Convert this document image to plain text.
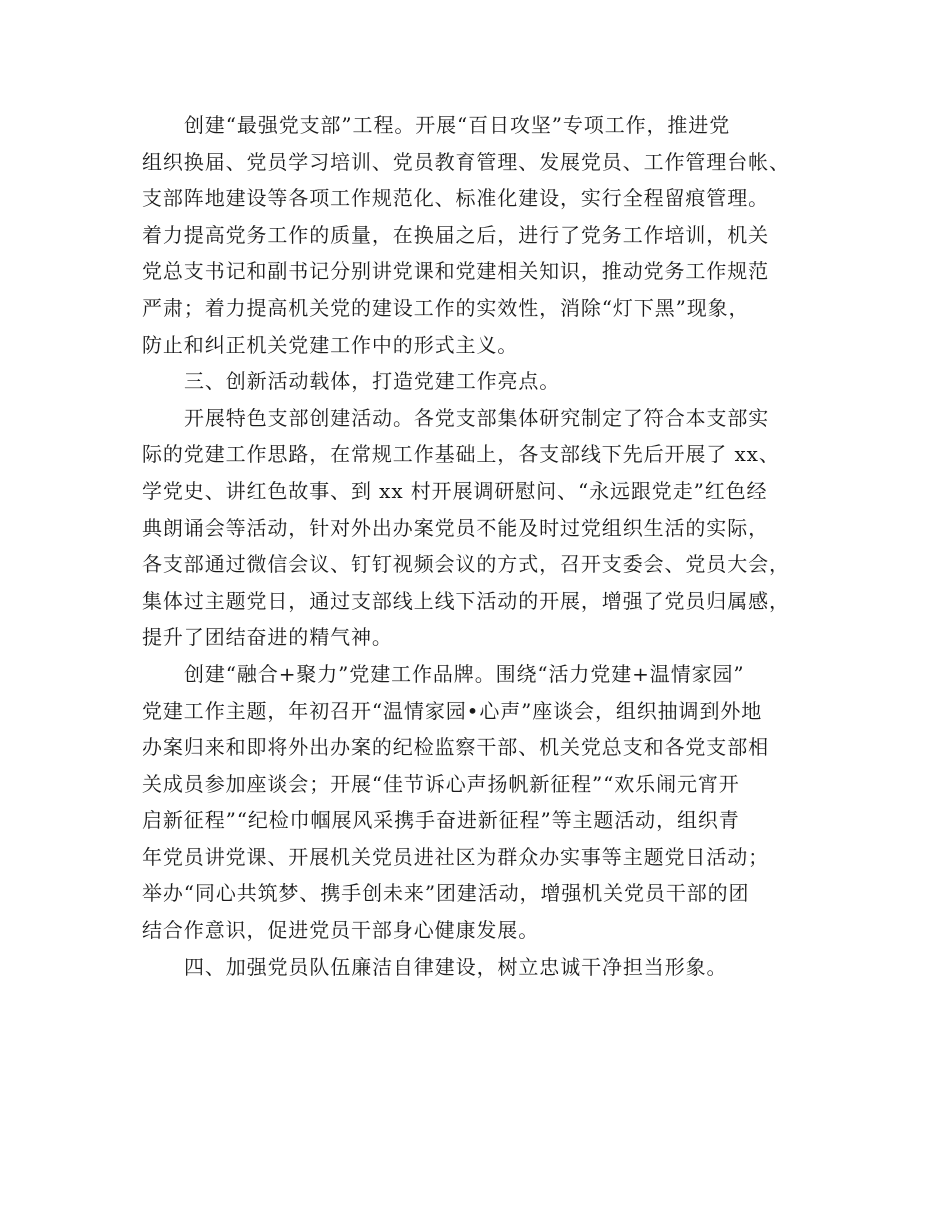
创建“最强党支部”工程。开展“百日攻坚”专项工作，推进党
组织换届、党员学习培训、党员教育管理、发展党员、工作管理台帐、
支部阵地建设等各项工作规范化、标准化建设，实行全程留痕管理。
着力提高党务工作的质量，在换届之后，进行了党务工作培训，机关
党总支书记和副书记分别讲党课和党建相关知识，推动党务工作规范
严肃；着力提高机关党的建设工作的实效性，消除“灯下黑”现象，
防止和纠正机关党建工作中的形式主义。
三、创新活动载体，打造党建工作亮点。
开展特色支部创建活动。各党支部集体研究制定了符合本支部实
际的党建工作思路，在常规工作基础上，各支部线下先后开展了 xx、
学党史、讲红色故事、到 xx 村开展调研慰问、“永远跟党走”红色经
典朗诵会等活动，针对外出办案党员不能及时过党组织生活的实际，
各支部通过微信会议、钉钉视频会议的方式，召开支委会、党员大会，
集体过主题党日，通过支部线上线下活动的开展，增强了党员归属感，
提升了团结奋进的精气神。
创建“融合+聚力”党建工作品牌。围绕“活力党建+温情家园”
党建工作主题，年初召开“温情家园•心声”座谈会，组织抽调到外地
办案归来和即将外出办案的纪检监察干部、机关党总支和各党支部相
关成员参加座谈会；开展“佳节诉心声扬帆新征程”“欢乐闹元宵开
启新征程”“纪检巾帼展风采携手奋进新征程”等主题活动，组织青
年党员讲党课、开展机关党员进社区为群众办实事等主题党日活动；
举办“同心共筑梦、携手创未来”团建活动，增强机关党员干部的团
结合作意识，促进党员干部身心健康发展。
四、加强党员队伍廉洁自律建设，树立忠诚干净担当形象。
